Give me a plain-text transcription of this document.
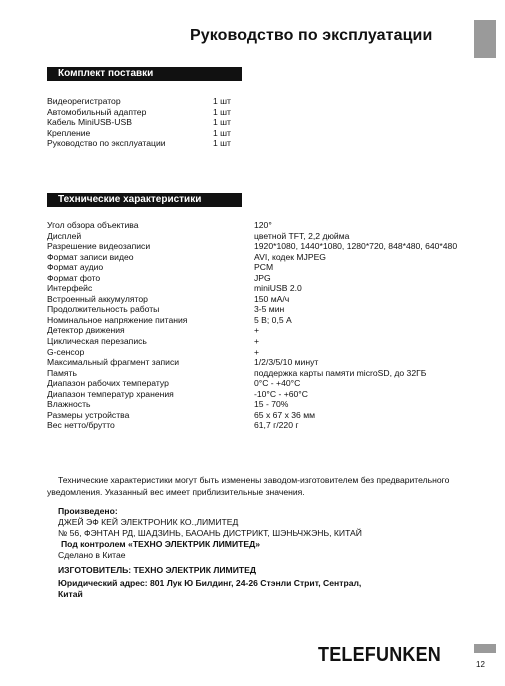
Руководство по эксплуатации
Комплект поставки
Видеорегистратор	1 шт
Автомобильный адаптер	1 шт
Кабель MiniUSB-USB	1 шт
Крепление	1 шт
Руководство по эксплуатации	1 шт
Технические характеристики
Угол обзора объектива	120°
Дисплей	цветной TFT, 2,2 дюйма
Разрешение видеозаписи	1920*1080, 1440*1080, 1280*720, 848*480, 640*480
Формат записи видео	AVI, кодек MJPEG
Формат аудио	PCM
Формат фото	JPG
Интерфейс	miniUSB 2.0
Встроенный аккумулятор	150 мА/ч
Продолжительность работы	3-5 мин
Номинальное напряжение питания	5 В; 0,5 А
Детектор движения	+
Циклическая перезапись	+
G-сенсор	+
Максимальный фрагмент записи	1/2/3/5/10 минут
Память	поддержка карты памяти microSD, до 32ГБ
Диапазон рабочих температур	0°C - +40°C
Диапазон температур хранения	-10°C - +60°C
Влажность	15 - 70%
Размеры устройства	65 x 67 x 36 мм
Вес нетто/брутто	61,7 г/220 г
Технические характеристики могут быть изменены заводом-изготовителем без предварительного уведомления. Указанный вес имеет приблизительные значения.
Произведено:
ДЖЕЙ ЭФ КЕЙ ЭЛЕКТРОНИК КО.,ЛИМИТЕД
№ 56, ФЭНТАН РД, ШАДЗИНЬ, БАОАНЬ ДИСТРИКТ, ШЭНЬЧЖЭНЬ, КИТАЙ
Под контролем «ТЕХНО ЭЛЕКТРИК ЛИМИТЕД»
Сделано в Китае
ИЗГОТОВИТЕЛЬ: ТЕХНО ЭЛЕКТРИК ЛИМИТЕД
Юридический адрес: 801 Лук Ю Билдинг, 24-26 Стэнли Стрит, Сентрал,
Китай
TELEFUNKEN	12
